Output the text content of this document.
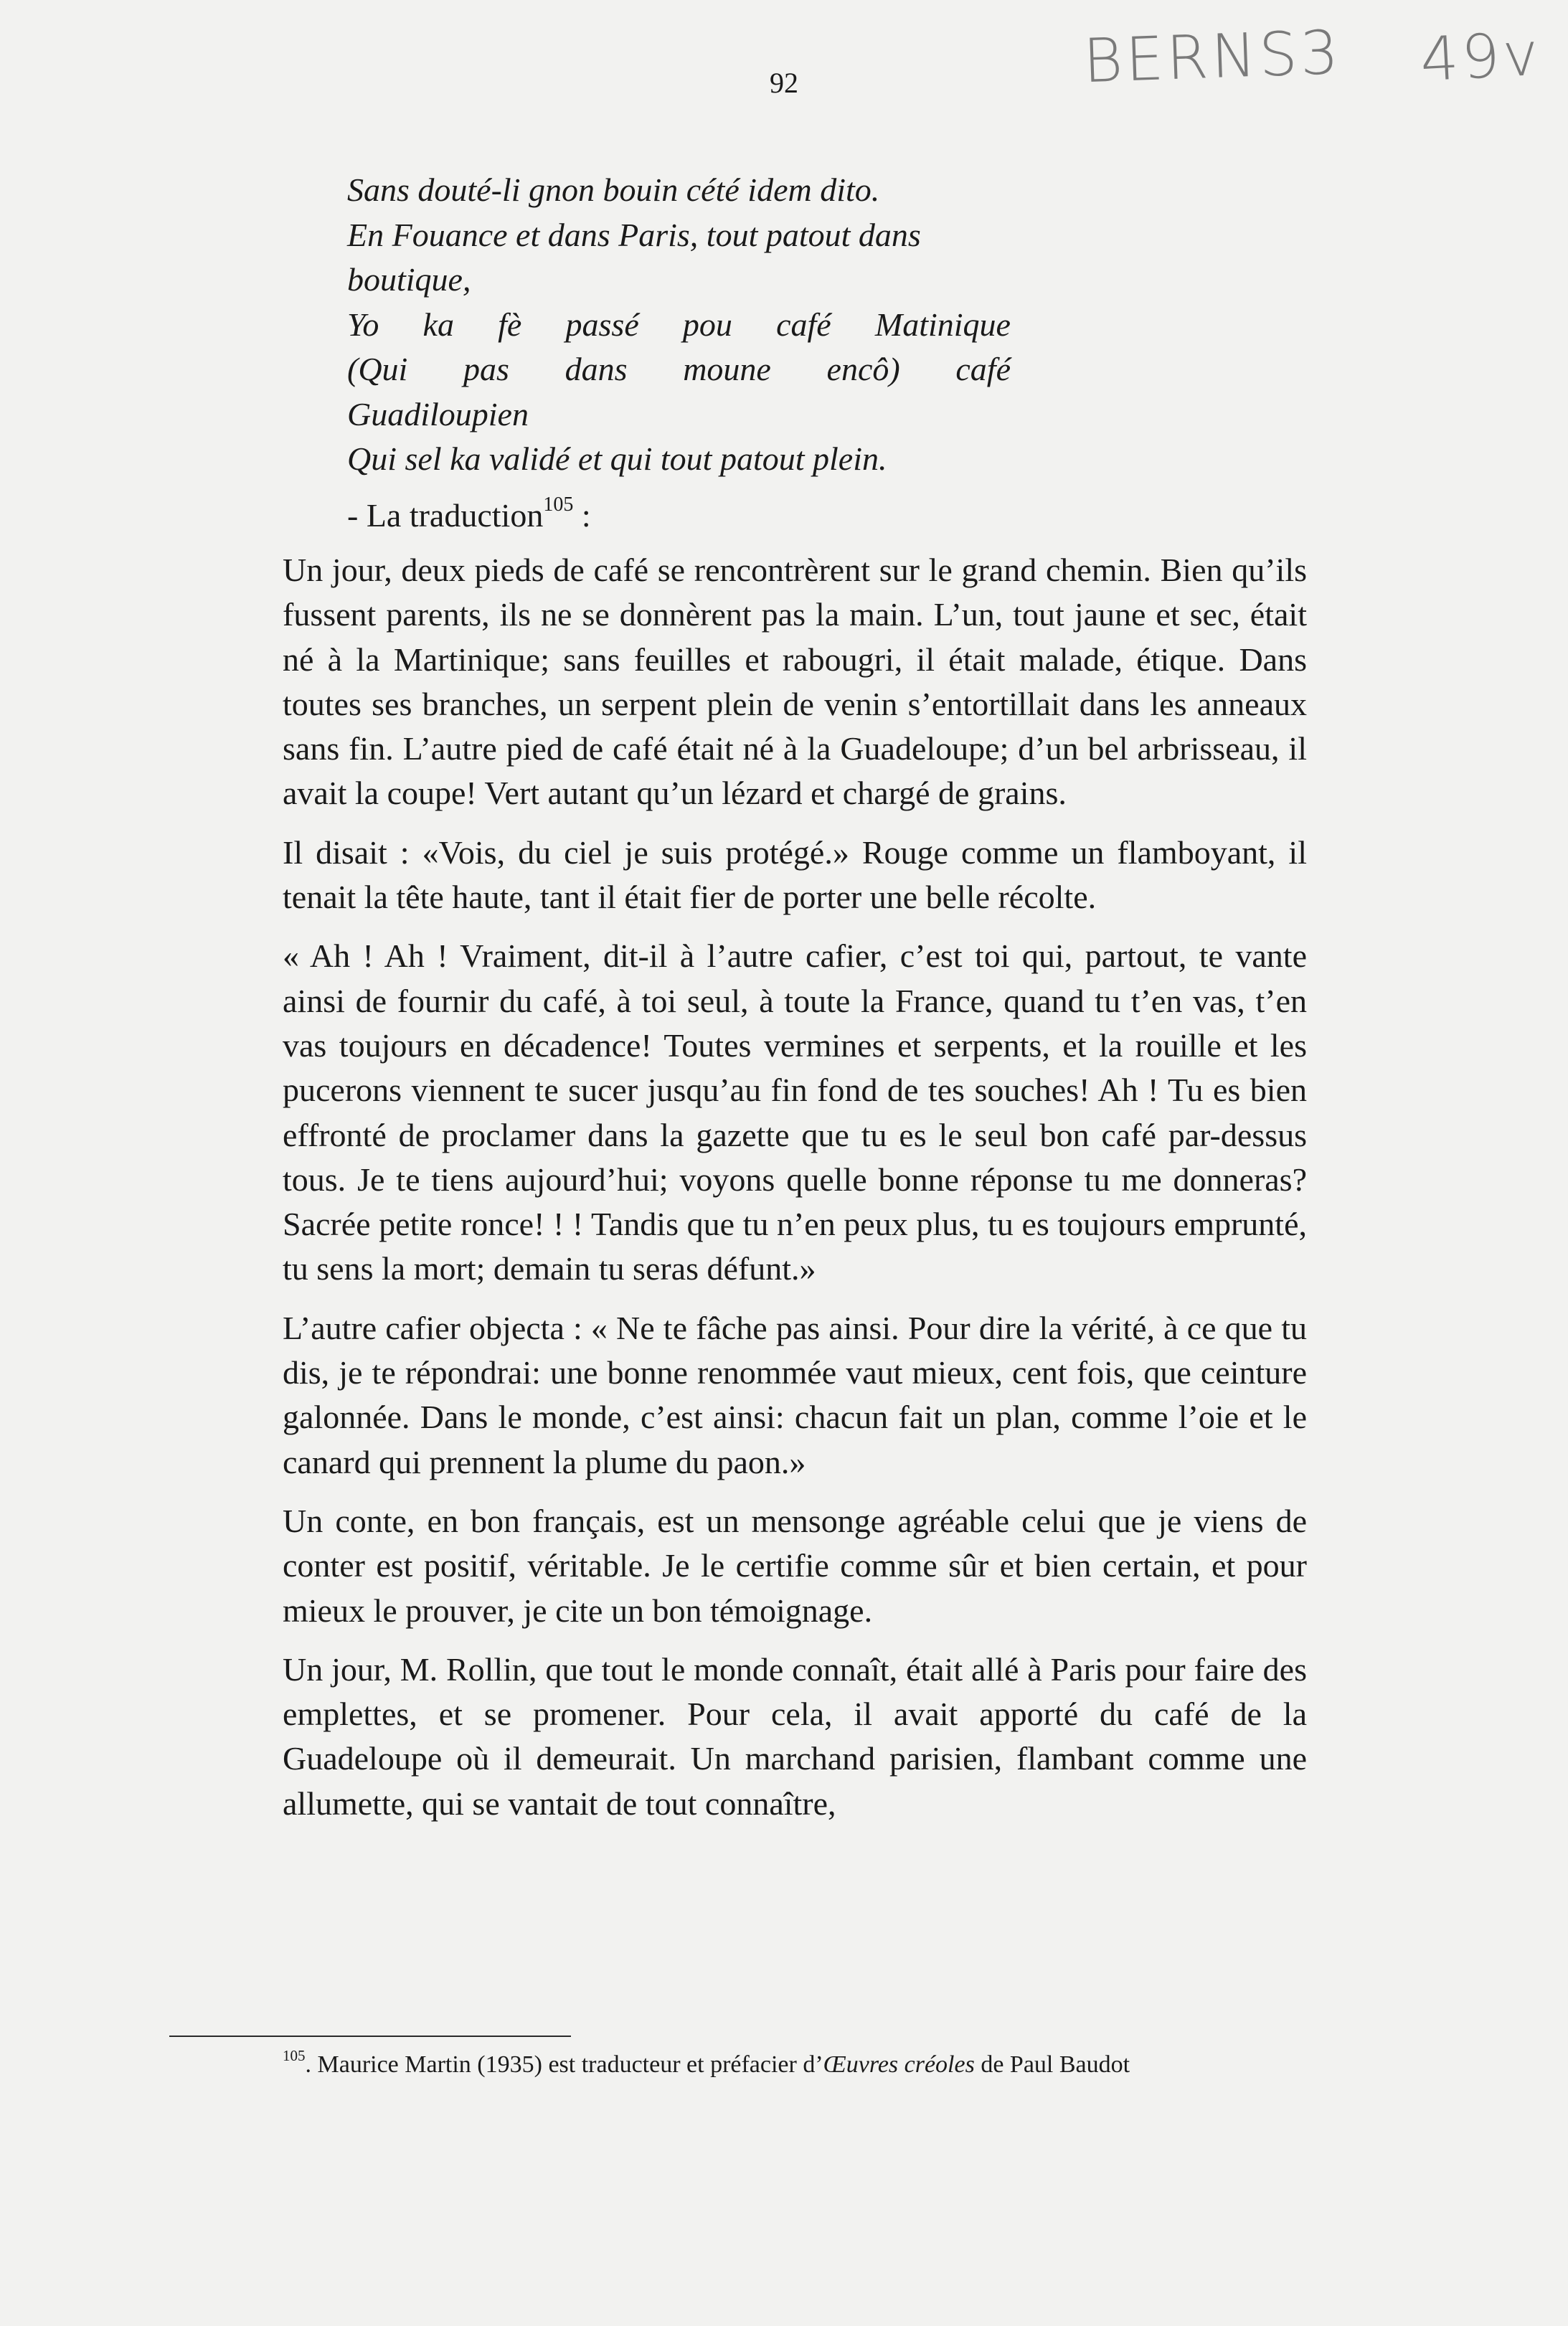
BERNS3 49v
92
Sans douté-li gnon bouin cété idem dito.
En Fouance et dans Paris, tout patout dans
boutique,
Yo ka fè passé pou café Matinique
(Qui pas dans moune encô) café
Guadiloupien
Qui sel ka validé et qui tout patout plein.
- La traduction$^{105}$ :

Un jour, deux pieds de café se rencontrèrent sur le grand chemin. Bien qu’ils fussent parents, ils ne se donnèrent pas la main. L’un, tout jaune et sec, était né à la Martinique; sans feuilles et rabougri, il était malade, étique. Dans toutes ses branches, un serpent plein de venin s’entortillait dans les anneaux sans fin. L’autre pied de café était né à la Guadeloupe; d’un bel arbrisseau, il avait la coupe! Vert autant qu’un lézard et chargé de grains.

Il disait : «Vois, du ciel je suis protégé.» Rouge comme un flamboyant, il tenait la tête haute, tant il était fier de porter une belle récolte.

« Ah ! Ah ! Vraiment, dit-il à l’autre cafier, c’est toi qui, partout, te vante ainsi de fournir du café, à toi seul, à toute la France, quand tu t’en vas, t’en vas toujours en décadence! Toutes vermines et serpents, et la rouille et les pucerons viennent te sucer jusqu’au fin fond de tes souches! Ah ! Tu es bien effronté de proclamer dans la gazette que tu es le seul bon café par-dessus tous. Je te tiens aujourd’hui; voyons quelle bonne réponse tu me donneras? Sacrée petite ronce! ! ! Tandis que tu n’en peux plus, tu es toujours emprunté, tu sens la mort; demain tu seras défunt.»

L’autre cafier objecta : « Ne te fâche pas ainsi. Pour dire la vérité, à ce que tu dis, je te répondrai: une bonne renommée vaut mieux, cent fois, que ceinture galonnée. Dans le monde, c’est ainsi: chacun fait un plan, comme l’oie et le canard qui prennent la plume du paon.»

Un conte, en bon français, est un mensonge agréable celui que je viens de conter est positif, véritable. Je le certifie comme sûr et bien certain, et pour mieux le prouver, je cite un bon témoignage.

Un jour, M. Rollin, que tout le monde connaît, était allé à Paris pour faire des emplettes, et se promener. Pour cela, il avait apporté du café de la Guadeloupe où il demeurait. Un marchand parisien, flambant comme une allumette, qui se vantait de tout connaître,

$^{105}$. Maurice Martin (1935) est traducteur et préfacier d’Œuvres créoles de Paul Baudot
